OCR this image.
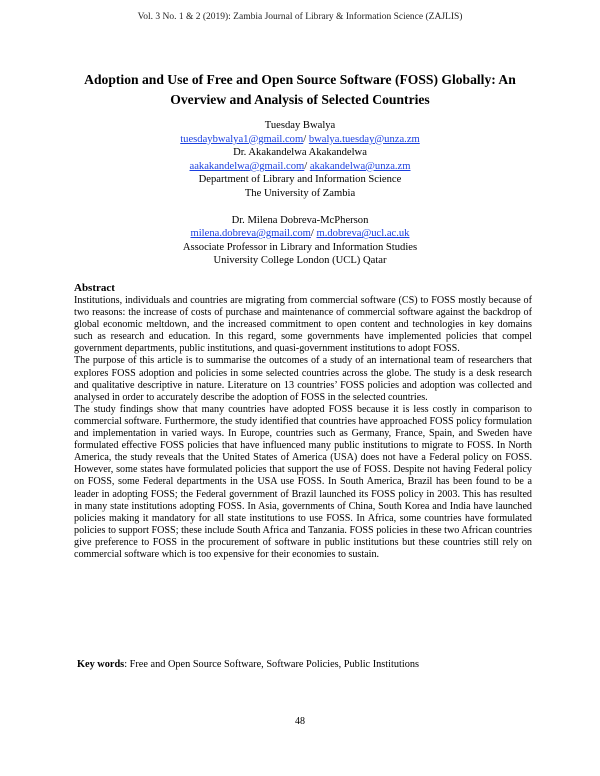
Vol. 3 No. 1 & 2 (2019): Zambia Journal of Library & Information Science (ZAJLIS)
Adoption and Use of Free and Open Source Software (FOSS) Globally: An
Overview and Analysis of Selected Countries
Tuesday Bwalya
tuesdaybwalya1@gmail.com/ bwalya.tuesday@unza.zm
Dr. Akakandelwa Akakandelwa
aakakandelwa@gmail.com/ akakandelwa@unza.zm
Department of Library and Information Science
The University of Zambia
Dr. Milena Dobreva-McPherson
milena.dobreva@gmail.com/ m.dobreva@ucl.ac.uk
Associate Professor in Library and Information Studies
University College London (UCL) Qatar
Abstract

Institutions, individuals and countries are migrating from commercial software (CS) to FOSS mostly because of two reasons: the increase of costs of purchase and maintenance of commercial software against the backdrop of global economic meltdown, and the increased commitment to open content and technologies in key domains such as research and education. In this regard, some governments have implemented policies that compel government departments, public institutions, and quasi-government institutions to adopt FOSS.

The purpose of this article is to summarise the outcomes of a study of an international team of researchers that explores FOSS adoption and policies in some selected countries across the globe. The study is a desk research and qualitative descriptive in nature. Literature on 13 countries’ FOSS policies and adoption was collected and analysed in order to accurately describe the adoption of FOSS in the selected countries.

The study findings show that many countries have adopted FOSS because it is less costly in comparison to commercial software. Furthermore, the study identified that countries have approached FOSS policy formulation and implementation in varied ways. In Europe, countries such as Germany, France, Spain, and Sweden have formulated effective FOSS policies that have influenced many public institutions to migrate to FOSS. In North America, the study reveals that the United States of America (USA) does not have a Federal policy on FOSS. However, some states have formulated policies that support the use of FOSS. Despite not having Federal policy on FOSS, some Federal departments in the USA use FOSS. In South America, Brazil has been found to be a leader in adopting FOSS; the Federal government of Brazil launched its FOSS policy in 2003. This has resulted in many state institutions adopting FOSS. In Asia, governments of China, South Korea and India have launched policies making it mandatory for all state institutions to use FOSS. In Africa, some countries have formulated policies to support FOSS; these include South Africa and Tanzania. FOSS policies in these two African countries give preference to FOSS in the procurement of software in public institutions but these countries still rely on commercial software which is too expensive for their economies to sustain.

Key words: Free and Open Source Software, Software Policies, Public Institutions
48
